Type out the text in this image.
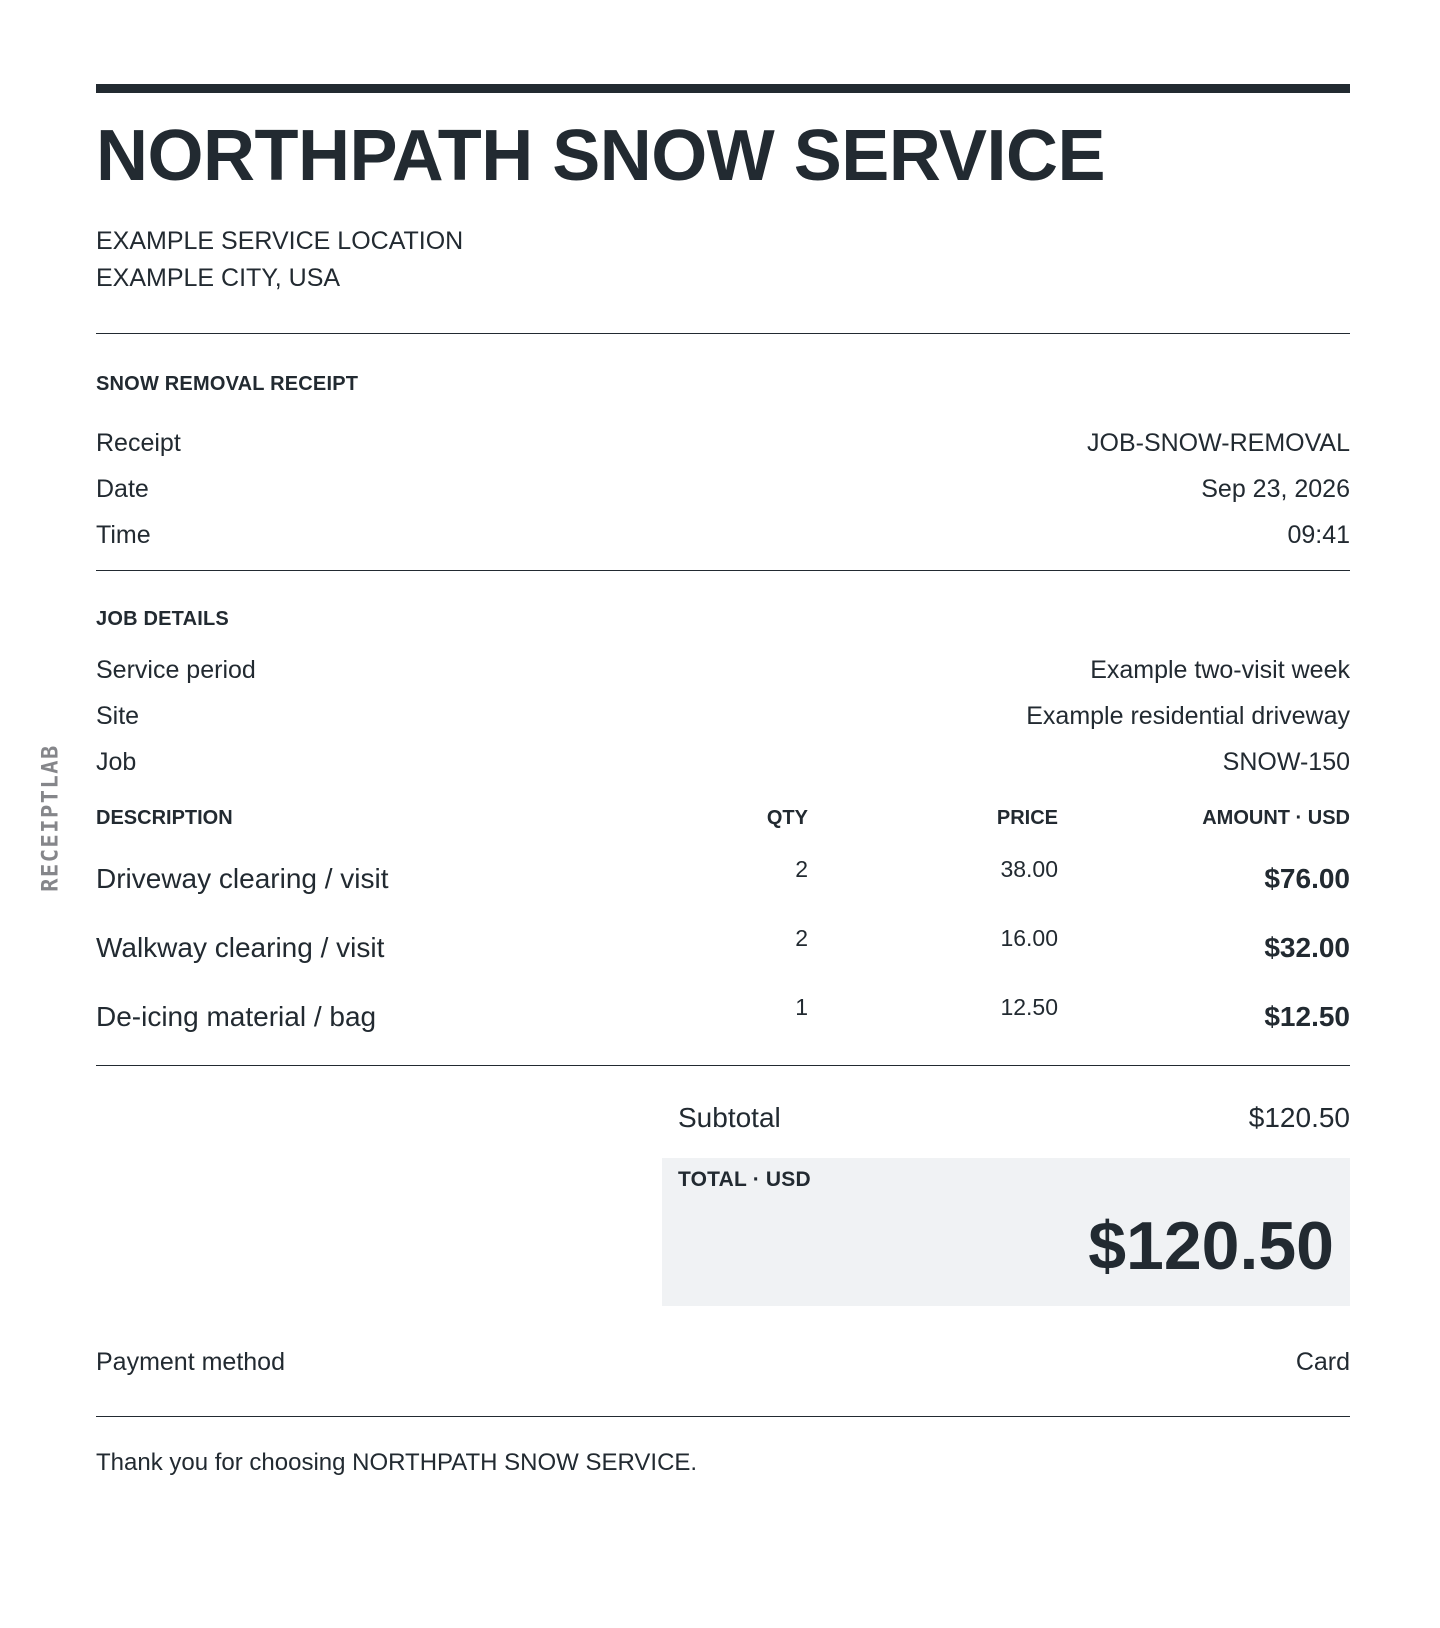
RECEIPTLAB
NORTHPATH SNOW SERVICE
EXAMPLE SERVICE LOCATION
EXAMPLE CITY, USA
SNOW REMOVAL RECEIPT
Receipt	JOB-SNOW-REMOVAL
Date	Sep 23, 2026
Time	09:41
JOB DETAILS
Service period	Example two-visit week
Site	Example residential driveway
Job	SNOW-150
DESCRIPTION	QTY	PRICE	AMOUNT · USD
Driveway clearing / visit	2	38.00	$76.00
Walkway clearing / visit	2	16.00	$32.00
De-icing material / bag	1	12.50	$12.50
Subtotal	$120.50
TOTAL · USD
$120.50
Payment method	Card
Thank you for choosing NORTHPATH SNOW SERVICE.
